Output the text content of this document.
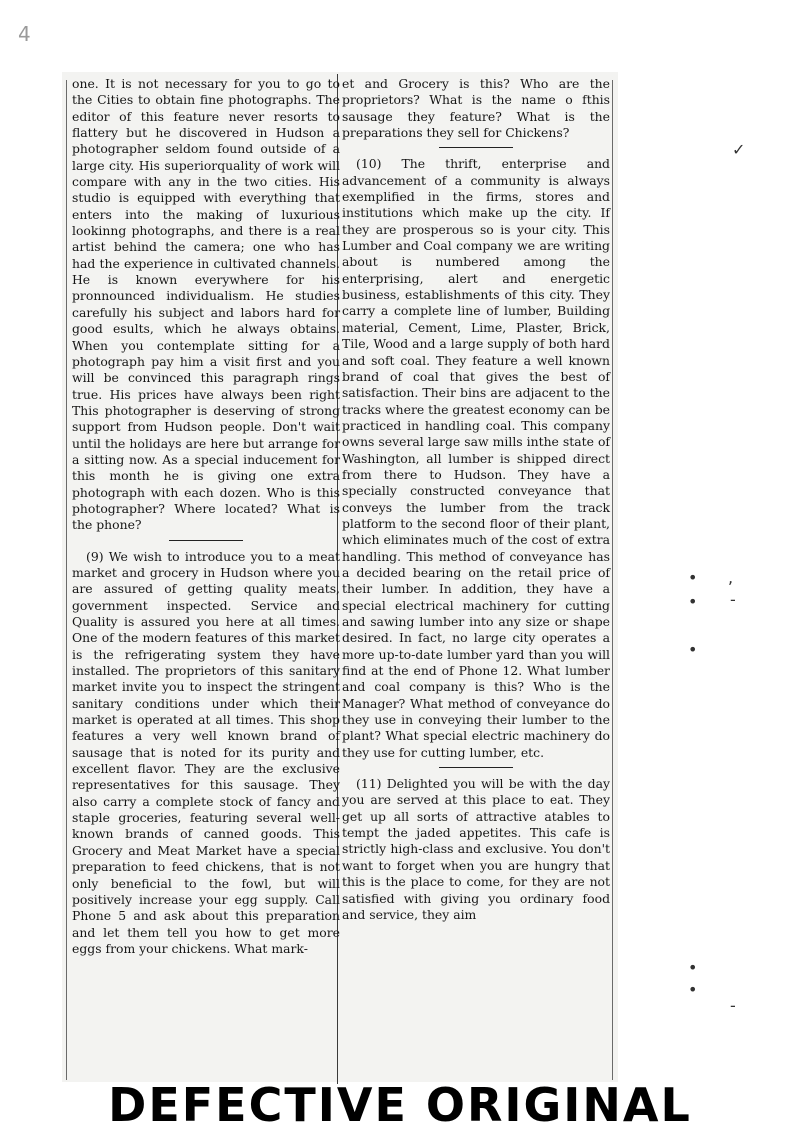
4

one. It is not necessary for you to go to the Cities to obtain fine photographs. The editor of this feature never resorts to flattery but he discovered in Hudson a photographer seldom found outside of a large city. His superiorquality of work will compare with any in the two cities. His studio is equipped with everything that enters into the making of luxurious lookinng photographs, and there is a real artist behind the camera; one who has had the experience in cultivated channels. He is known everywhere for his pronnounced individualism. He studies carefully his subject and labors hard for good esults, which he always obtains. When you contemplate sitting for a photograph pay him a visit first and you will be convinced this paragraph rings true. His prices have always been right This photographer is deserving of strong support from Hudson people. Don't wait until the holidays are here but arrange for a sitting now. As a special inducement for this month he is giving one extra photograph with each dozen. Who is this photographer? Where located? What is the phone?

(9) We wish to introduce you to a meat market and grocery in Hudson where you are assured of getting quality meats, government inspected. Service and Quality is assured you here at all times. One of the modern features of this market is the refrigerating system they have installed. The proprietors of this sanitary market invite you to inspect the stringent sanitary conditions under which their market is operated at all times. This shop features a very well known brand of sausage that is noted for its purity and excellent flavor. They are the exclusive representatives for this sausage. They also carry a complete stock of fancy and staple groceries, featuring several well-known brands of canned goods. This Grocery and Meat Market have a special preparation to feed chickens, that is not only beneficial to the fowl, but will positively increase your egg supply. Call Phone 5 and ask about this preparation and let them tell you how to get more eggs from your chickens. What mark-

et and Grocery is this? Who are the proprietors? What is the name o fthis sausage they feature? What is the preparations they sell for Chickens?

(10) The thrift, enterprise and advancement of a community is always exemplified in the firms, stores and institutions which make up the city. If they are prosperous so is your city. This Lumber and Coal company we are writing about is numbered among the enterprising, alert and energetic business, establishments of this city. They carry a complete line of lumber, Building material, Cement, Lime, Plaster, Brick, Tile, Wood and a large supply of both hard and soft coal. They feature a well known brand of coal that gives the best of satisfaction. Their bins are adjacent to the tracks where the greatest economy can be practiced in handling coal. This company owns several large saw mills inthe state of Washington, all lumber is shipped direct from there to Hudson. They have a specially constructed conveyance that conveys the lumber from the track platform to the second floor of their plant, which eliminates much of the cost of extra handling. This method of conveyance has a decided bearing on the retail price of their lumber. In addition, they have a special electrical machinery for cutting and sawing lumber into any size or shape desired. In fact, no large city operates a more up-to-date lumber yard than you will find at the end of Phone 12. What lumber and coal company is this? Who is the Manager? What method of conveyance do they use in conveying their lumber to the plant? What special electric machinery do they use for cutting lumber, etc.

(11) Delighted you will be with the day you are served at this place to eat. They get up all sorts of attractive atables to tempt the jaded appetites. This cafe is strictly high-class and exclusive. You don't want to forget when you are hungry that this is the place to come, for they are not satisfied with giving you ordinary food and service, they aim

✓
• ,
• -
•
•
•
-
DEFECTIVE ORIGINAL
